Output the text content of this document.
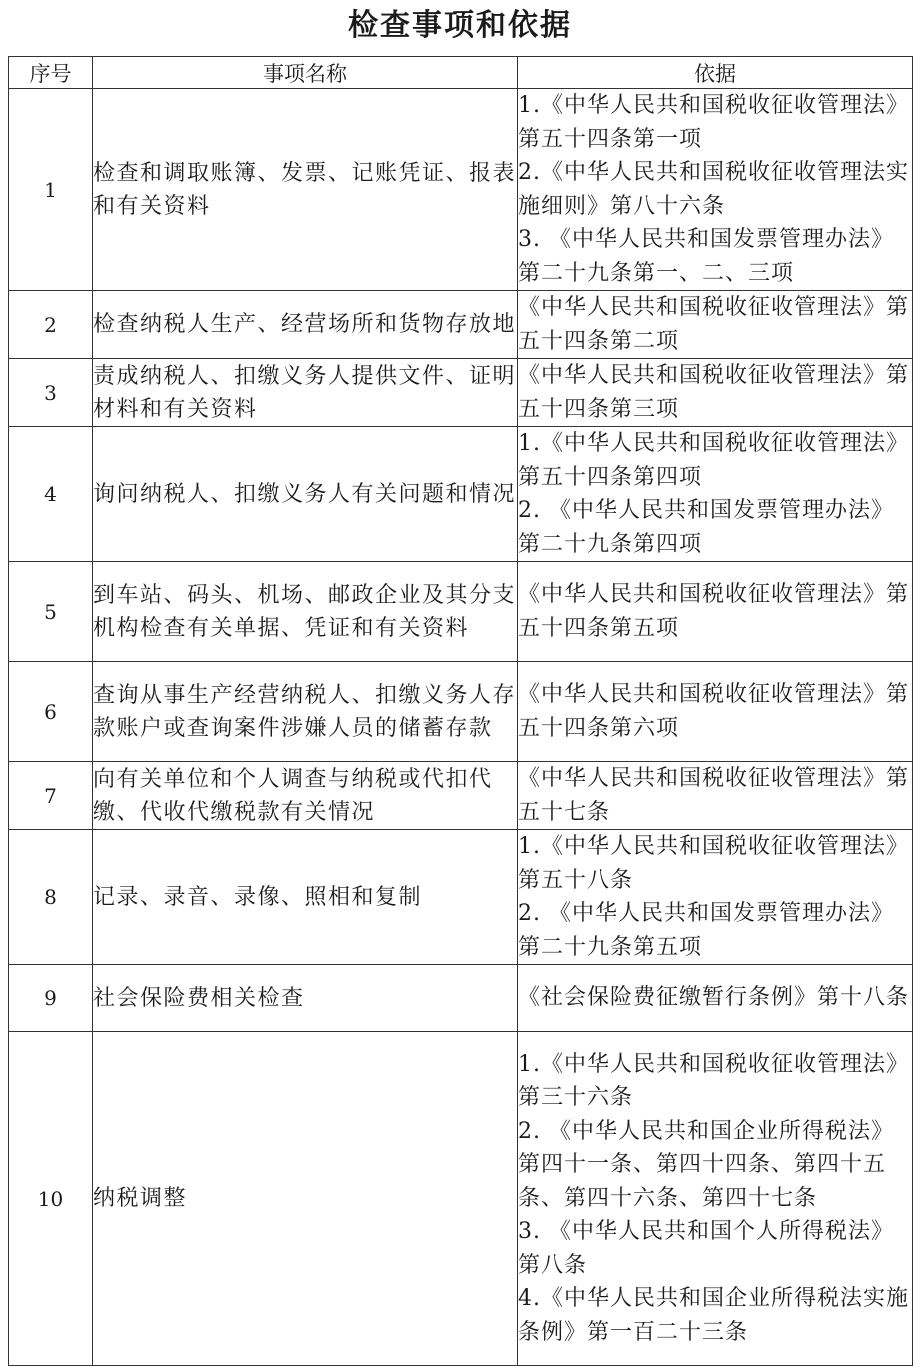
检查事项和依据
序号	事项名称	依据
1	检查和调取账簿、发票、记账凭证、报表和有关资料	1.《中华人民共和国税收征收管理法》第五十四条第一项
2.《中华人民共和国税收征收管理法实施细则》第八十六条
3. 《中华人民共和国发票管理办法》第二十九条第一、二、三项

2	检查纳税人生产、经营场所和货物存放地	《中华人民共和国税收征收管理法》第五十四条第二项

3	责成纳税人、扣缴义务人提供文件、证明材料和有关资料	《中华人民共和国税收征收管理法》第五十四条第三项

4	询问纳税人、扣缴义务人有关问题和情况	1.《中华人民共和国税收征收管理法》第五十四条第四项
2. 《中华人民共和国发票管理办法》第二十九条第四项

5	到车站、码头、机场、邮政企业及其分支机构检查有关单据、凭证和有关资料	《中华人民共和国税收征收管理法》第五十四条第五项

6	查询从事生产经营纳税人、扣缴义务人存款账户或查询案件涉嫌人员的储蓄存款	《中华人民共和国税收征收管理法》第五十四条第六项

7	向有关单位和个人调查与纳税或代扣代缴、代收代缴税款有关情况	《中华人民共和国税收征收管理法》第五十七条

8	记录、录音、录像、照相和复制	1.《中华人民共和国税收征收管理法》第五十八条
2. 《中华人民共和国发票管理办法》第二十九条第五项

9	社会保险费相关检查	《社会保险费征缴暂行条例》第十八条

10	纳税调整	1.《中华人民共和国税收征收管理法》第三十六条
2. 《中华人民共和国企业所得税法》第四十一条、第四十四条、第四十五条、第四十六条、第四十七条
3. 《中华人民共和国个人所得税法》第八条
4.《中华人民共和国企业所得税法实施条例》第一百二十三条
